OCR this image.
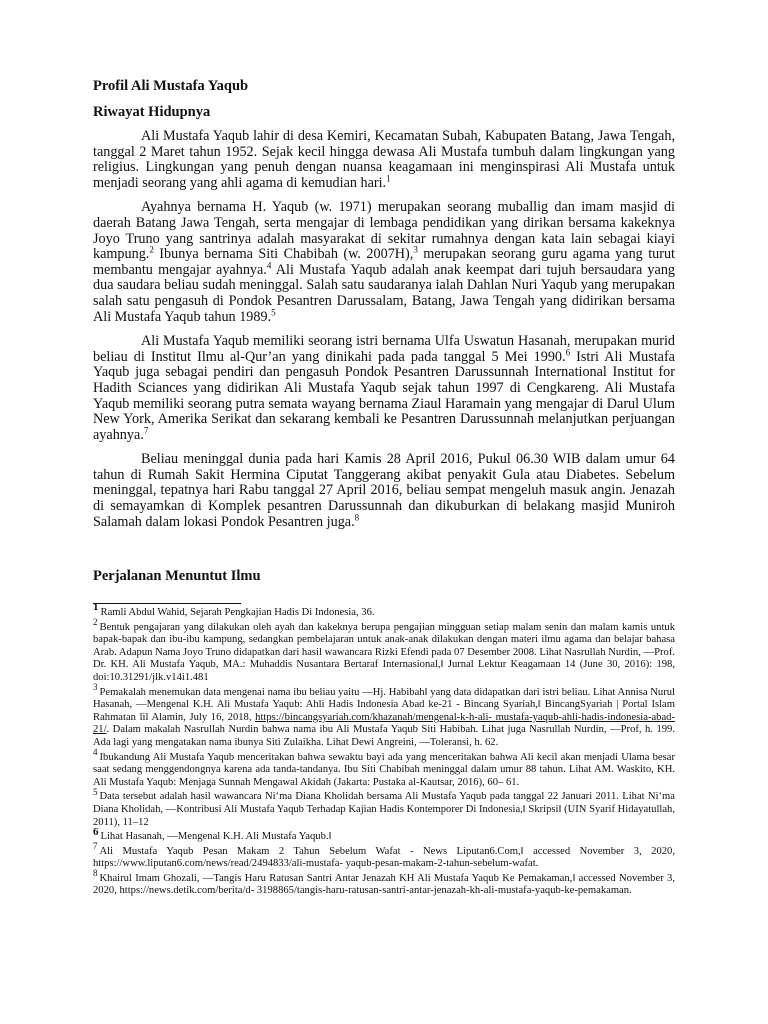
Profil Ali Mustafa Yaqub
Riwayat Hidupnya

Ali Mustafa Yaqub lahir di desa Kemiri, Kecamatan Subah, Kabupaten Batang, Jawa Tengah, tanggal 2 Maret tahun 1952. Sejak kecil hingga dewasa Ali Mustafa tumbuh dalam lingkungan yang religius. Lingkungan yang penuh dengan nuansa keagamaan ini menginspirasi Ali Mustafa untuk menjadi seorang yang ahli agama di kemudian hari.$^1$

Ayahnya bernama H. Yaqub (w. 1971) merupakan seorang muballig dan imam masjid di daerah Batang Jawa Tengah, serta mengajar di lembaga pendidikan yang dirikan bersama kakeknya Joyo Truno yang santrinya adalah masyarakat di sekitar rumahnya dengan kata lain sebagai kiayi kampung.$^2$ Ibunya bernama Siti Chabibah (w. 2007H),$^3$ merupakan seorang guru agama yang turut membantu mengajar ayahnya.$^4$ Ali Mustafa Yaqub adalah anak keempat dari tujuh bersaudara yang dua saudara beliau sudah meninggal. Salah satu saudaranya ialah Dahlan Nuri Yaqub yang merupakan salah satu pengasuh di Pondok Pesantren Darussalam, Batang, Jawa Tengah yang didirikan bersama Ali Mustafa Yaqub tahun 1989.$^5$

Ali Mustafa Yaqub memiliki seorang istri bernama Ulfa Uswatun Hasanah, merupakan murid beliau di Institut Ilmu al-Qur’an yang dinikahi pada pada tanggal 5 Mei 1990.$^6$ Istri Ali Mustafa Yaqub juga sebagai pendiri dan pengasuh Pondok Pesantren Darussunnah International Institut for Hadith Sciances yang didirikan Ali Mustafa Yaqub sejak tahun 1997 di Cengkareng. Ali Mustafa Yaqub memiliki seorang putra semata wayang bernama Ziaul Haramain yang mengajar di Darul Ulum New York, Amerika Serikat dan sekarang kembali ke Pesantren Darussunnah melanjutkan perjuangan ayahnya.$^7$

Beliau meninggal dunia pada hari Kamis 28 April 2016, Pukul 06.30 WIB dalam umur 64 tahun di Rumah Sakit Hermina Ciputat Tanggerang akibat penyakit Gula atau Diabetes. Sebelum meninggal, tepatnya hari Rabu tanggal 27 April 2016, beliau sempat mengeluh masuk angin. Jenazah di semayamkan di Komplek pesantren Darussunnah dan dikuburkan di belakang masjid Muniroh Salamah dalam lokasi Pondok Pesantren juga.$^8$

Perjalanan Menuntut Ilmu
1 Ramli Abdul Wahid, Sejarah Pengkajian Hadis Di Indonesia, 36.
$^2$ Bentuk pengajaran yang dilakukan oleh ayah dan kakeknya berupa pengajian mingguan setiap malam senin dan malam kamis untuk bapak-bapak dan ibu-ibu kampung, sedangkan pembelajaran untuk anak-anak dilakukan dengan materi ilmu agama dan belajar bahasa Arab. Adapun Nama Joyo Truno didapatkan dari hasil wawancara Rizki Efendi pada 07 Desember 2008. Lihat Nasrullah Nurdin, ―Prof. Dr. KH. Ali Mustafa Yaqub, MA.: Muhaddis Nusantara Bertaraf Internasional,‖ Jurnal Lektur Keagamaan 14 (June 30, 2016): 198, doi:10.31291/jlk.v14i1.481
$^3$ Pemakalah menemukan data mengenai nama ibu beliau yaitu ―Hj. Habibah‖ yang data didapatkan dari istri beliau. Lihat Annisa Nurul Hasanah, ―Mengenal K.H. Ali Mustafa Yaqub: Ahli Hadis Indonesia Abad ke-21 - Bincang Syariah,‖ BincangSyariah | Portal Islam Rahmatan lil Alamin, July 16, 2018, https://bincangsyariah.com/khazanah/mengenal-k-h-ali- mustafa-yaqub-ahli-hadis-indonesia-abad-21/. Dalam makalah Nasrullah Nurdin bahwa nama ibu Ali Mustafa Yaqub Siti Habibah. Lihat juga Nasrullah Nurdin, ―Prof, h. 199. Ada lagi yang mengatakan nama ibunya Siti Zulaikha. Lihat Dewi Angreini, ―Toleransi, h. 62.
$^4$ Ibukandung Ali Mustafa Yaqub menceritakan bahwa sewaktu bayi ada yang menceritakan bahwa Ali kecil akan menjadi Ulama besar saat sedang menggendongnya karena ada tanda-tandanya. Ibu Siti Chabibah meninggal dalam umur 88 tahun. Lihat AM. Waskito, KH. Ali Mustafa Yaqub: Menjaga Sunnah Mengawal Akidah (Jakarta: Pustaka al-Kautsar, 2016), 60– 61.
$^5$ Data tersebut adalah hasil wawancara Ni‘ma Diana Kholidah bersama Ali Mustafa Yaqub pada tanggal 22 Januari 2011. Lihat Ni‘ma Diana Kholidah, ―Kontribusi Ali Mustafa Yaqub Terhadap Kajian Hadis Kontemporer Di Indonesia,‖ Skripsi‖ (UIN Syarif Hidayatullah, 2011), 11–12
6 Lihat Hasanah, ―Mengenal K.H. Ali Mustafa Yaqub.‖
$^7$ Ali Mustafa Yaqub Pesan Makam 2 Tahun Sebelum Wafat - News Liputan6.Com,‖ accessed November 3, 2020, https://www.liputan6.com/news/read/2494833/ali-mustafa- yaqub-pesan-makam-2-tahun-sebelum-wafat.
$^8$ Khairul Imam Ghozali, ―Tangis Haru Ratusan Santri Antar Jenazah KH Ali Mustafa Yaqub Ke Pemakaman,‖ accessed November 3, 2020, https://news.detik.com/berita/d- 3198865/tangis-haru-ratusan-santri-antar-jenazah-kh-ali-mustafa-yaqub-ke-pemakaman.
